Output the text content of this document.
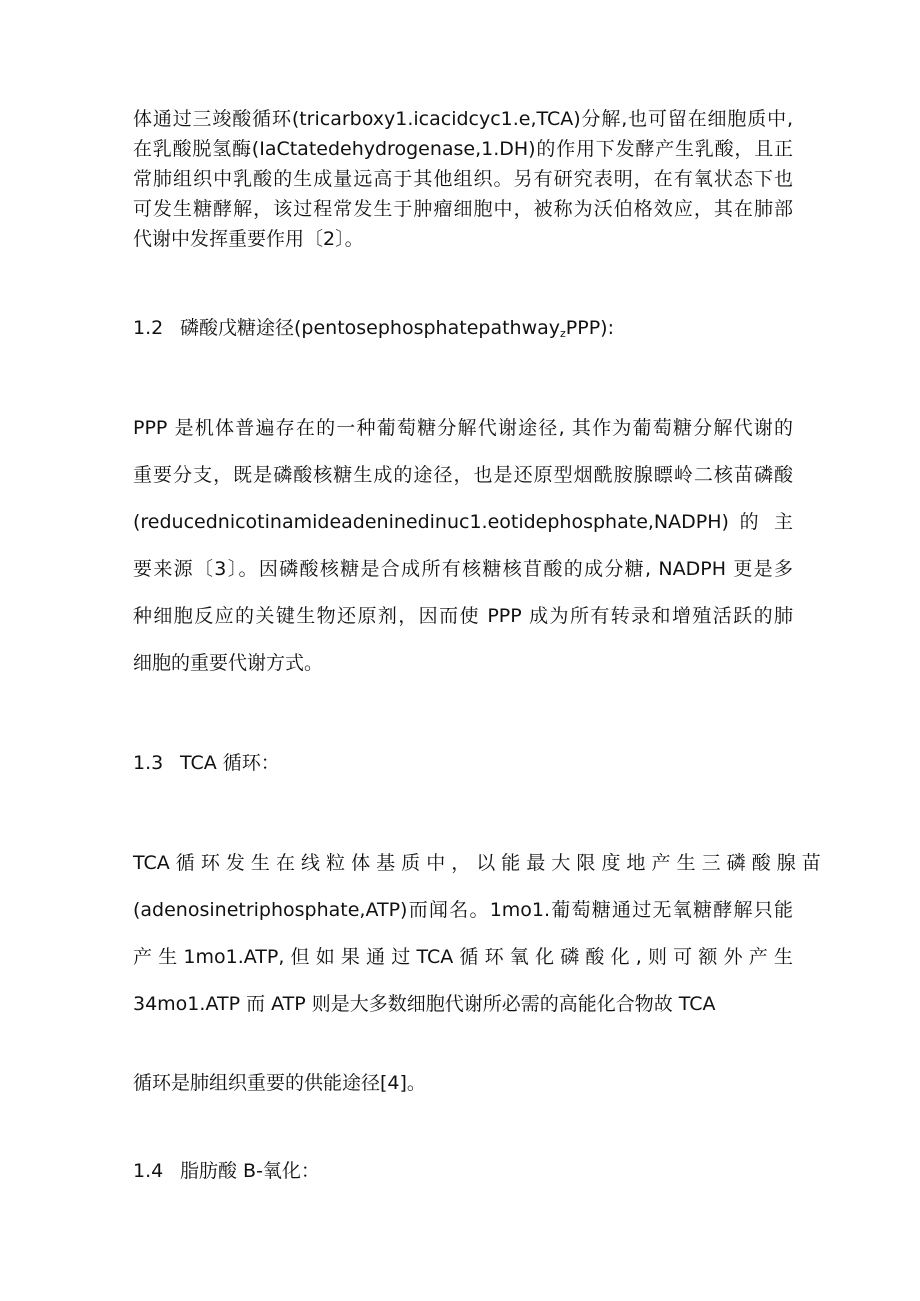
体通过三竣酸循环(tricarboxy1.icacidcyc1.e,TCA)分解,也可留在细胞质中,
在乳酸脱氢酶(IaCtatedehydrogenase,1.DH)的作用下发酵产生乳酸，且正
常肺组织中乳酸的生成量远高于其他组织。另有研究表明，在有氧状态下也
可发生糖酵解，该过程常发生于肿瘤细胞中，被称为沃伯格效应，其在肺部
代谢中发挥重要作用〔2〕。
1.2 磷酸戊糖途径(pentosephosphatepathway$_z$PPP):
PPP 是机体普遍存在的一种葡萄糖分解代谢途径, 其作为葡萄糖分解代谢的
重要分支，既是磷酸核糖生成的途径，也是还原型烟酰胺腺瞟岭二核苗磷酸
(reducednicotinamideadeninedinuc1.eotidephosphate,NADPH) 的 主
要来源〔3〕。因磷酸核糖是合成所有核糖核苜酸的成分糖, NADPH 更是多
种细胞反应的关键生物还原剂，因而使 PPP 成为所有转录和增殖活跃的肺
细胞的重要代谢方式。
1.3 TCA 循环：
TCA 循 环 发 生 在 线 粒 体 基 质 中 ， 以 能 最 大 限 度 地 产 生 三 磷 酸 腺 苗
(adenosinetriphosphate,ATP)而闻名。1mo1.葡萄糖通过无氧糖酵解只能
产 生 1mo1.ATP, 但 如 果 通 过 TCA 循 环 氧 化 磷 酸 化 , 则 可 额 外 产 生
34mo1.ATP 而 ATP 则是大多数细胞代谢所必需的高能化合物故 TCA
循环是肺组织重要的供能途径[4]。
1.4 脂肪酸 B-氧化：
